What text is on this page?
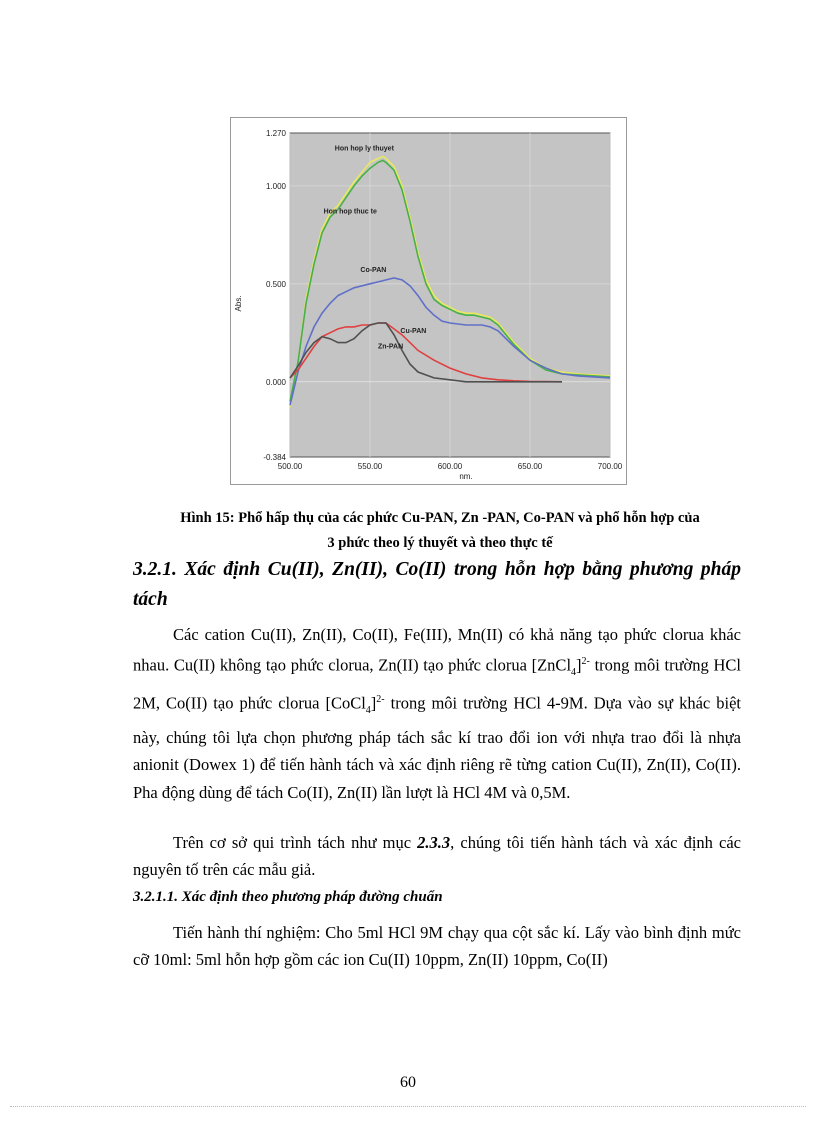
500.00	550.00	600.00	650.00	700.00
1.270
1.000
0.500
0.000
-0.384
nm.
Abs.
Hon hop ly thuyet
Hon hop thuc te
Co-PAN
Cu-PAN
Zn-PAN
Hình 15: Phổ hấp thụ của các phức Cu-PAN, Zn -PAN, Co-PAN và phổ hỗn hợp của
3 phức theo lý thuyết và theo thực tế
3.2.1. Xác định Cu(II), Zn(II), Co(II) trong hỗn hợp bằng phương pháp tách
Các cation Cu(II), Zn(II), Co(II), Fe(III), Mn(II) có khả năng tạo phức clorua khác nhau. Cu(II) không tạo phức clorua, Zn(II) tạo phức clorua [ZnCl$_4$]$^{2-}$ trong môi trường HCl 2M, Co(II) tạo phức clorua [CoCl$_4$]$^{2-}$ trong môi trường HCl 4-9M. Dựa vào sự khác biệt này, chúng tôi lựa chọn phương pháp tách sắc kí trao đổi ion với nhựa trao đổi là nhựa anionit (Dowex 1) để tiến hành tách và xác định riêng rẽ từng cation Cu(II), Zn(II), Co(II). Pha động dùng để tách Co(II), Zn(II) lần lượt là HCl 4M và 0,5M.
Trên cơ sở qui trình tách như mục 2.3.3, chúng tôi tiến hành tách và xác định các nguyên tố trên các mẫu giả.
3.2.1.1. Xác định theo phương pháp đường chuẩn
Tiến hành thí nghiệm: Cho 5ml HCl 9M chạy qua cột sắc kí. Lấy vào bình định mức cỡ 10ml: 5ml hỗn hợp gồm các ion Cu(II) 10ppm, Zn(II) 10ppm, Co(II)
60
